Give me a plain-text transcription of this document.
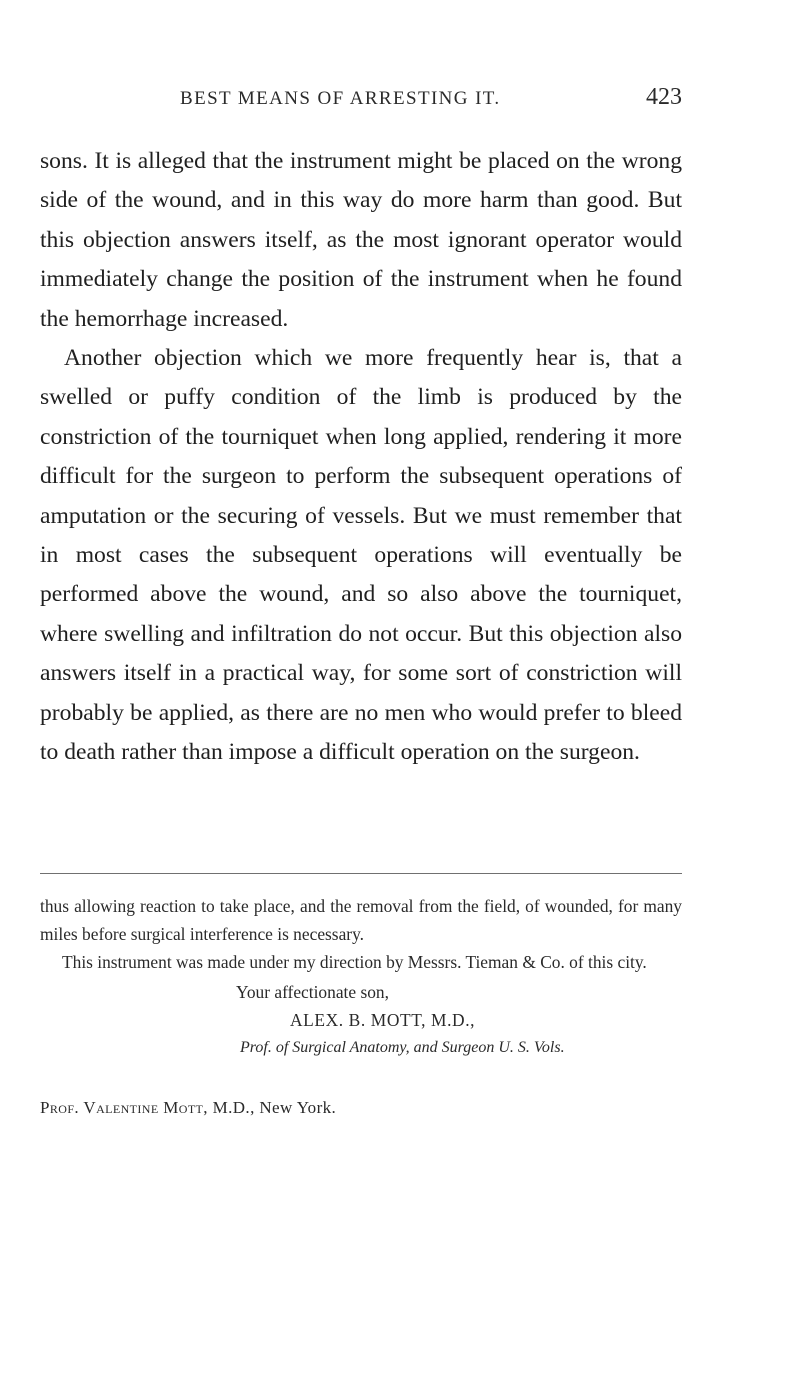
BEST MEANS OF ARRESTING IT.	423

sons. It is alleged that the instrument might be placed on the wrong side of the wound, and in this way do more harm than good. But this objection answers itself, as the most ignorant operator would immediately change the position of the instrument when he found the hemorrhage increased.

Another objection which we more frequently hear is, that a swelled or puffy condition of the limb is produced by the constriction of the tourniquet when long applied, rendering it more difficult for the surgeon to perform the subsequent operations of amputation or the securing of vessels. But we must remember that in most cases the subsequent operations will eventually be performed above the wound, and so also above the tourniquet, where swelling and infiltration do not occur. But this objection also answers itself in a practical way, for some sort of constriction will probably be applied, as there are no men who would prefer to bleed to death rather than impose a difficult operation on the surgeon.

thus allowing reaction to take place, and the removal from the field, of wounded, for many miles before surgical interference is necessary.

This instrument was made under my direction by Messrs. Tieman & Co. of this city.

Your affectionate son,
ALEX. B. MOTT, M.D.,
Prof. of Surgical Anatomy, and Surgeon U. S. Vols.
Prof. Valentine Mott, M.D., New York.
